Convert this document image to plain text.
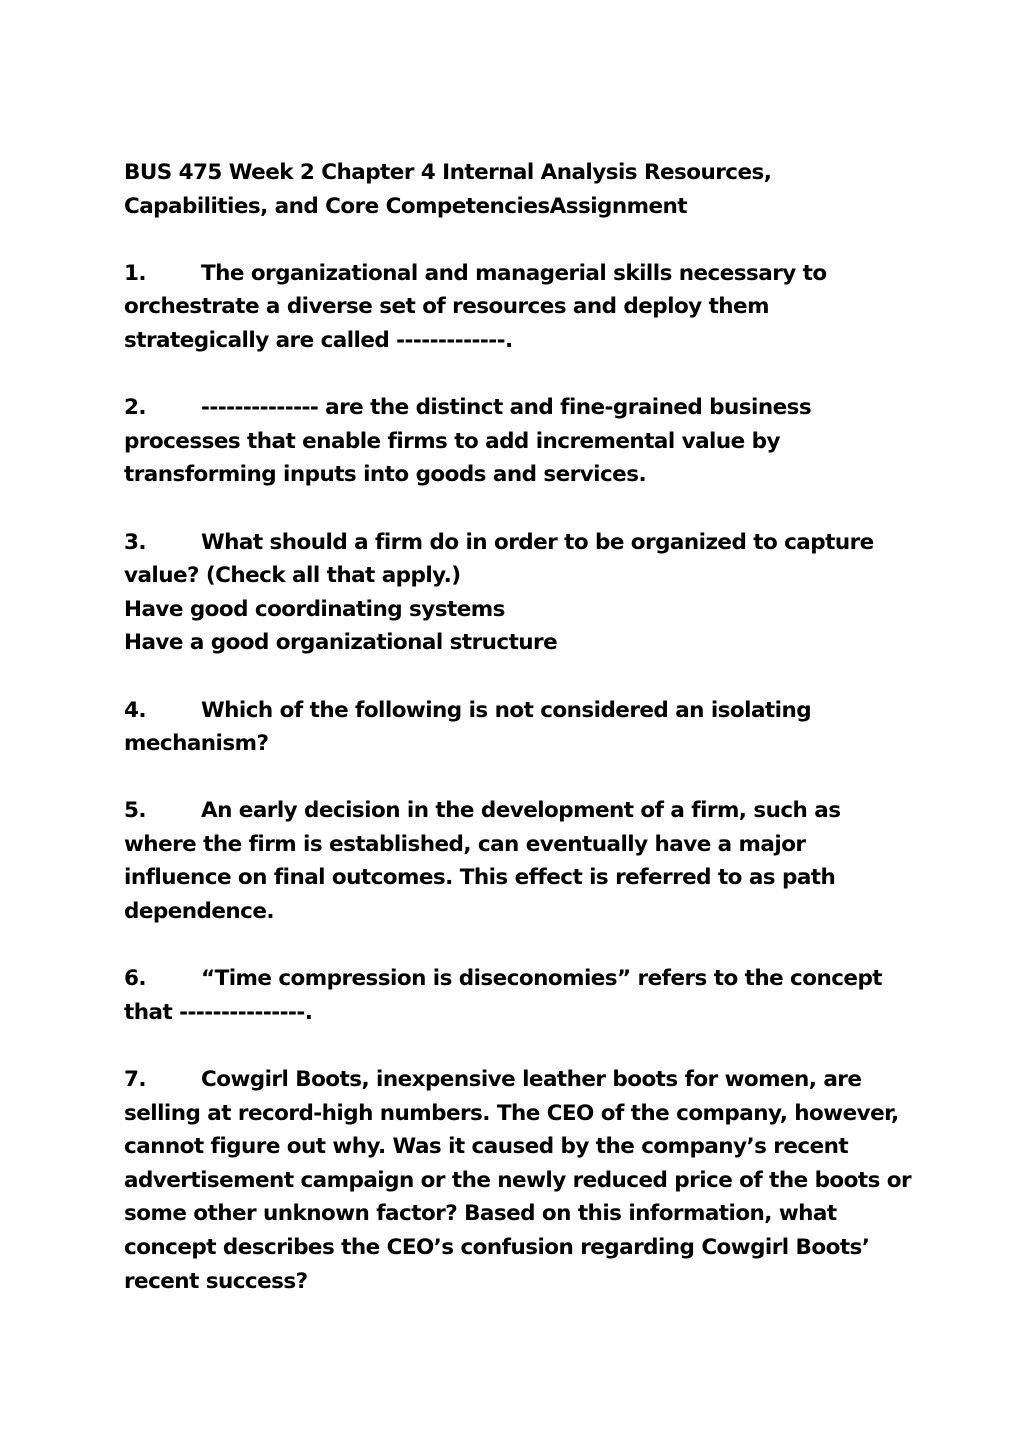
BUS 475 Week 2 Chapter 4 Internal Analysis Resources, Capabilities, and Core CompetenciesAssignment
1.	The organizational and managerial skills necessary to orchestrate a diverse set of resources and deploy them strategically are called -------------.
2.	-------------- are the distinct and fine-grained business processes that enable firms to add incremental value by transforming inputs into goods and services.
3.	What should a firm do in order to be organized to capture value? (Check all that apply.)
Have good coordinating systems
Have a good organizational structure
4.	Which of the following is not considered an isolating mechanism?
5.	An early decision in the development of a firm, such as where the firm is established, can eventually have a major influence on final outcomes. This effect is referred to as path dependence.
6.	“Time compression is diseconomies” refers to the concept that ---------------.
7.	Cowgirl Boots, inexpensive leather boots for women, are selling at record-high numbers. The CEO of the company, however, cannot figure out why. Was it caused by the company’s recent advertisement campaign or the newly reduced price of the boots or some other unknown factor? Based on this information, what concept describes the CEO’s confusion regarding Cowgirl Boots’ recent success?
